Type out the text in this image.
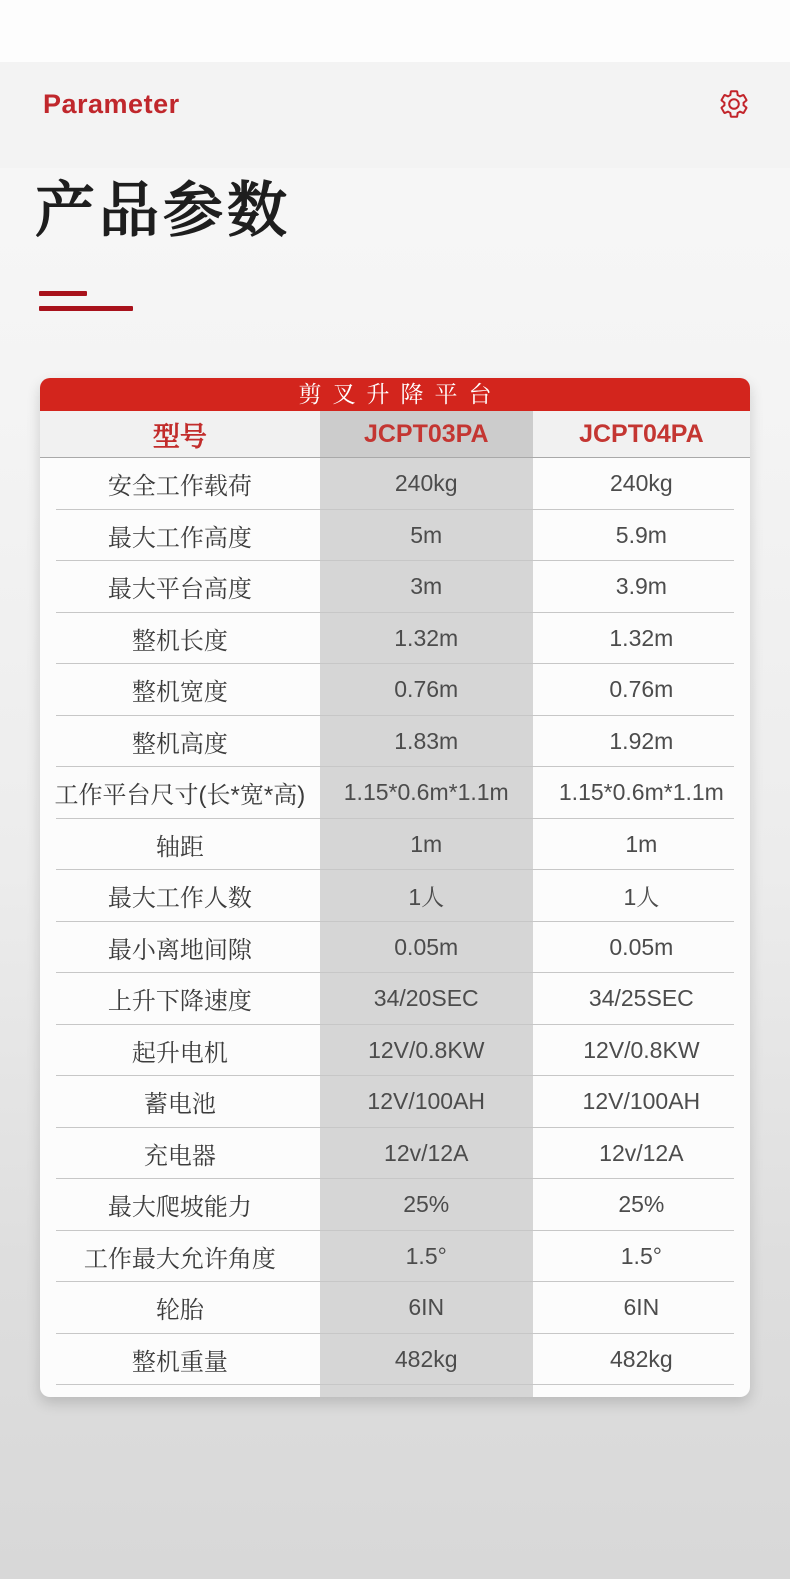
Parameter
产品参数
剪叉升降平台
型号	JCPT03PA	JCPT04PA
安全工作载荷	240kg	240kg
最大工作高度	5m	5.9m
最大平台高度	3m	3.9m
整机长度	1.32m	1.32m
整机宽度	0.76m	0.76m
整机高度	1.83m	1.92m
工作平台尺寸(长*宽*高)	1.15*0.6m*1.1m	1.15*0.6m*1.1m
轴距	1m	1m
最大工作人数	1人	1人
最小离地间隙	0.05m	0.05m
上升下降速度	34/20SEC	34/25SEC
起升电机	12V/0.8KW	12V/0.8KW
蓄电池	12V/100AH	12V/100AH
充电器	12v/12A	12v/12A
最大爬坡能力	25%	25%
工作最大允许角度	1.5°	1.5°
轮胎	6IN	6IN
整机重量	482kg	482kg
